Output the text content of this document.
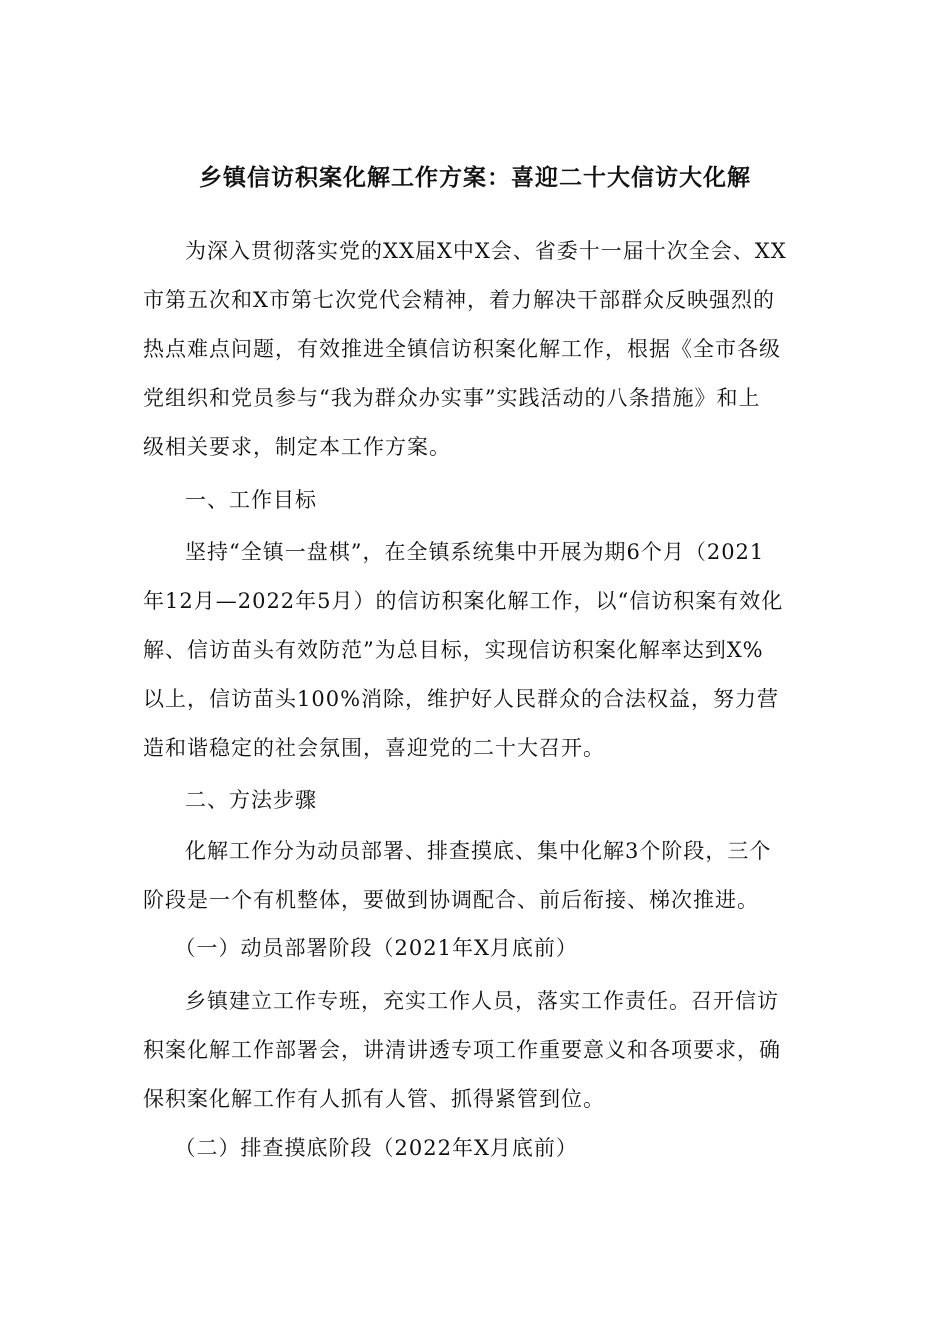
乡镇信访积案化解工作方案：喜迎二十大信访大化解
为深入贯彻落实党的XX届X中X会、省委十一届十次全会、XX
市第五次和X市第七次党代会精神，着力解决干部群众反映强烈的
热点难点问题，有效推进全镇信访积案化解工作，根据《全市各级
党组织和党员参与“我为群众办实事”实践活动的八条措施》和上
级相关要求，制定本工作方案。
一、工作目标
坚持“全镇一盘棋”，在全镇系统集中开展为期6个月（2021
年12月—2022年5月）的信访积案化解工作，以“信访积案有效化
解、信访苗头有效防范”为总目标，实现信访积案化解率达到X%
以上，信访苗头100%消除，维护好人民群众的合法权益，努力营
造和谐稳定的社会氛围，喜迎党的二十大召开。
二、方法步骤
化解工作分为动员部署、排查摸底、集中化解3个阶段，三个
阶段是一个有机整体，要做到协调配合、前后衔接、梯次推进。
（一）动员部署阶段（2021年X月底前）
乡镇建立工作专班，充实工作人员，落实工作责任。召开信访
积案化解工作部署会，讲清讲透专项工作重要意义和各项要求，确
保积案化解工作有人抓有人管、抓得紧管到位。
（二）排查摸底阶段（2022年X月底前）
